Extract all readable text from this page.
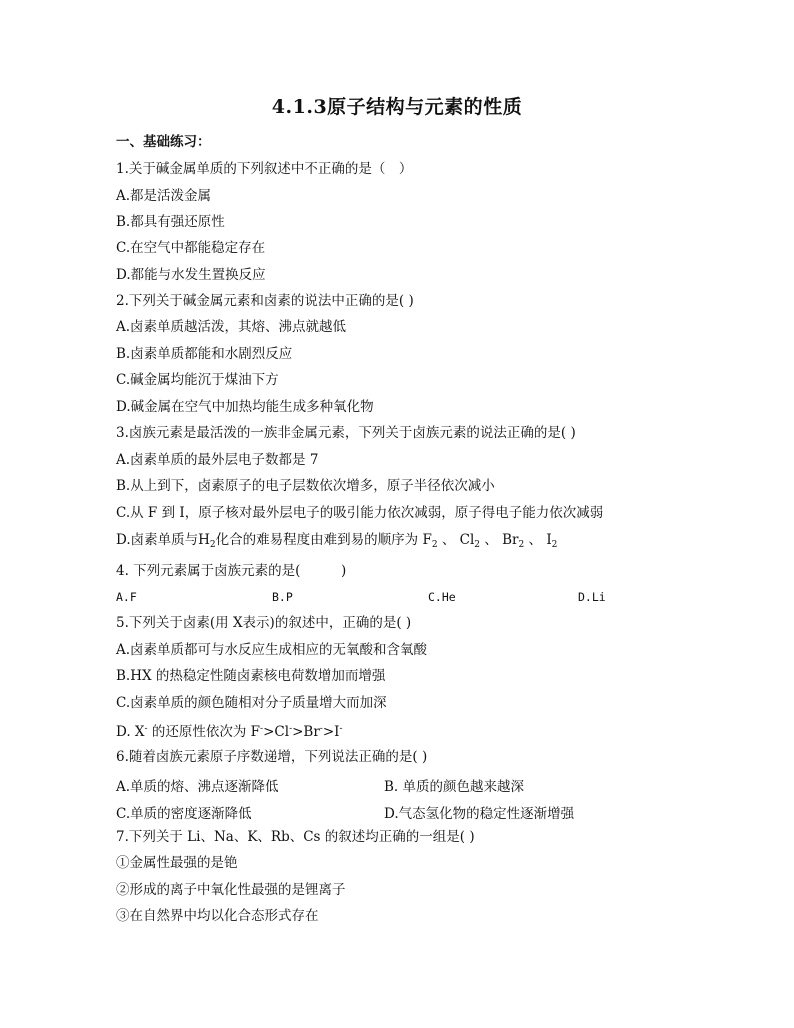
4.1.3原子结构与元素的性质
一、基础练习：
1.关于碱金属单质的下列叙述中不正确的是（　）
A.都是活泼金属
B.都具有强还原性
C.在空气中都能稳定存在
D.都能与水发生置换反应
2.下列关于碱金属元素和卤素的说法中正确的是( )
A.卤素单质越活泼，其熔、沸点就越低
B.卤素单质都能和水剧烈反应
C.碱金属均能沉于煤油下方
D.碱金属在空气中加热均能生成多种氧化物
3.卤族元素是最活泼的一族非金属元素，下列关于卤族元素的说法正确的是( )
A.卤素单质的最外层电子数都是 7
B.从上到下，卤素原子的电子层数依次增多，原子半径依次减小
C.从 F 到 I，原子核对最外层电子的吸引能力依次减弱，原子得电子能力依次减弱
D.卤素单质与$H_2$化合的难易程度由难到易的顺序为 $F_2$ 、 $Cl_2$ 、 $Br_2$ 、 $I_2$
4. 下列元素属于卤族元素的是(　　　)
A.F	B.P	C.He	D.Li
5.下列关于卤素(用 X表示)的叙述中，正确的是( )
A.卤素单质都可与水反应生成相应的无氧酸和含氧酸
B.HX 的热稳定性随卤素核电荷数增加而增强
C.卤素单质的颜色随相对分子质量增大而加深
D. X- 的还原性依次为 F->Cl->Br->I-
6.随着卤族元素原子序数递增，下列说法正确的是( )
A.单质的熔、沸点逐渐降低	B. 单质的颜色越来越深
C.单质的密度逐渐降低	D.气态氢化物的稳定性逐渐增强
7.下列关于 Li、Na、K、Rb、Cs 的叙述均正确的一组是( )
①金属性最强的是铯
②形成的离子中氧化性最强的是锂离子
③在自然界中均以化合态形式存在
